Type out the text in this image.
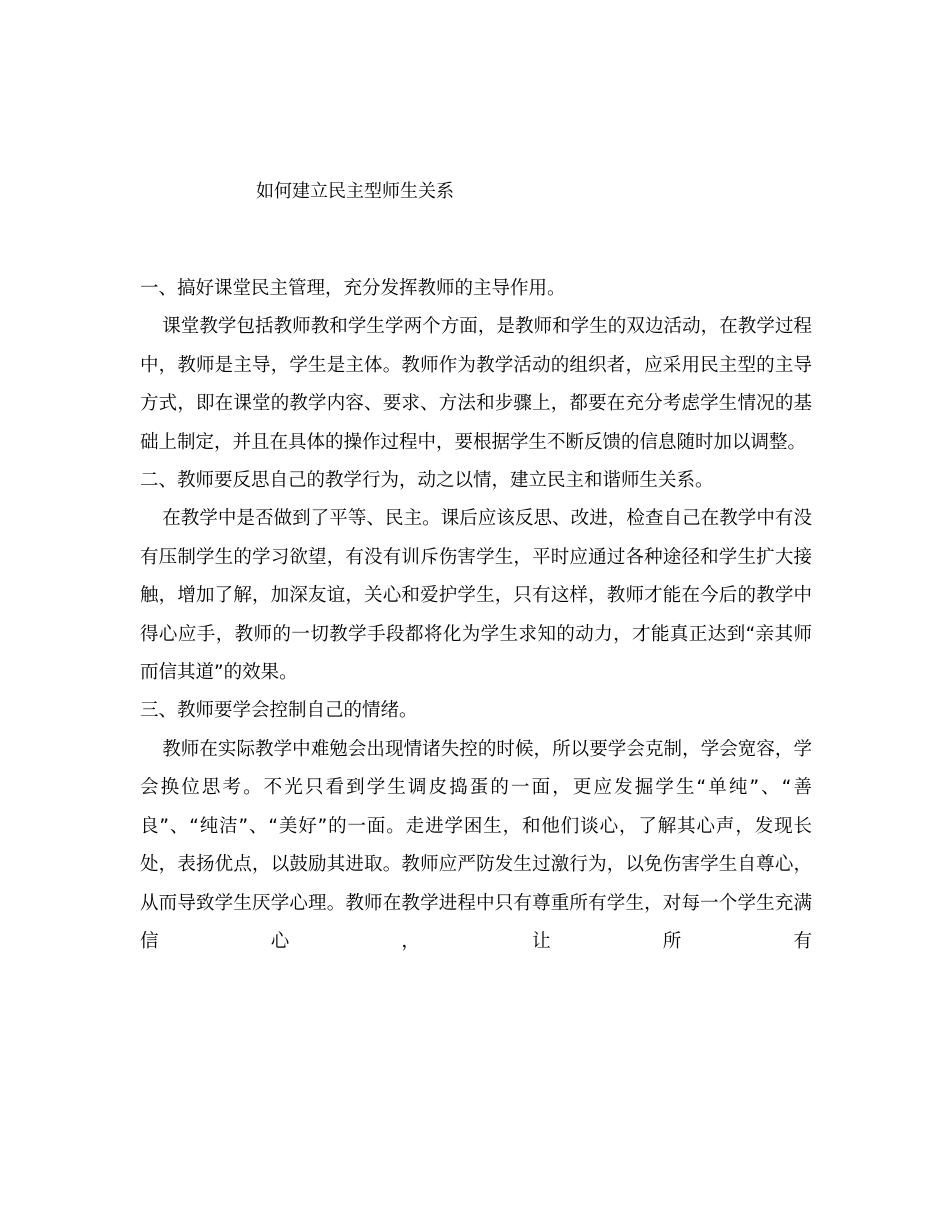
如何建立民主型师生关系

一、搞好课堂民主管理，充分发挥教师的主导作用。

课堂教学包括教师教和学生学两个方面，是教师和学生的双边活动，在教学过程中，教师是主导，学生是主体。教师作为教学活动的组织者，应采用民主型的主导方式，即在课堂的教学内容、要求、方法和步骤上，都要在充分考虑学生情况的基础上制定，并且在具体的操作过程中，要根据学生不断反馈的信息随时加以调整。

二、教师要反思自己的教学行为，动之以情，建立民主和谐师生关系。

在教学中是否做到了平等、民主。课后应该反思、改进，检查自己在教学中有没有压制学生的学习欲望，有没有训斥伤害学生，平时应通过各种途径和学生扩大接触，增加了解，加深友谊，关心和爱护学生，只有这样，教师才能在今后的教学中得心应手，教师的一切教学手段都将化为学生求知的动力，才能真正达到“亲其师而信其道”的效果。

三、教师要学会控制自己的情绪。

教师在实际教学中难勉会出现情诸失控的时候，所以要学会克制，学会宽容，学会换位思考。不光只看到学生调皮捣蛋的一面，更应发掘学生“单纯”、“善良”、“纯洁”、“美好”的一面。走进学困生，和他们谈心，了解其心声，发现长处，表扬优点，以鼓励其进取。教师应严防发生过激行为，以免伤害学生自尊心，从而导致学生厌学心理。教师在教学进程中只有尊重所有学生，对每一个学生充满信心，让所有
